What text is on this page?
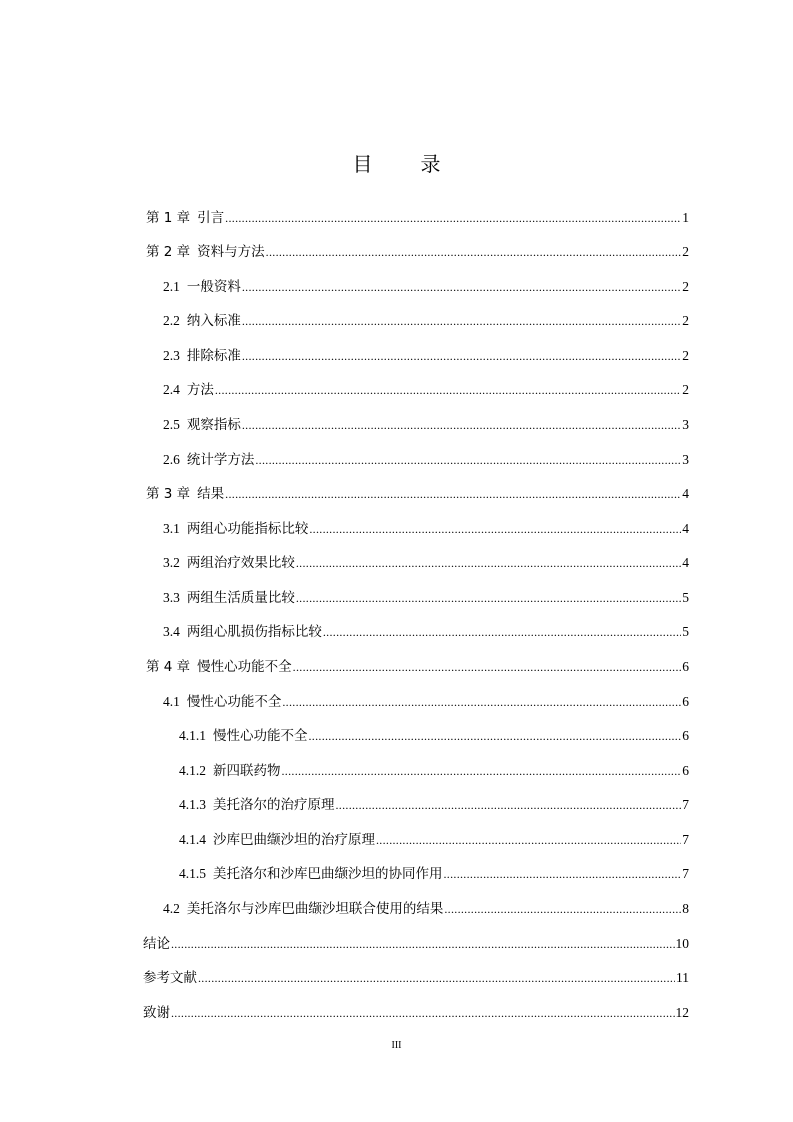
目　录
第 1 章 引言 .....	1
第 2 章 资料与方法 .....	2
2.1 一般资料 .....	2
2.2 纳入标准 .....	2
2.3 排除标准 .....	2
2.4 方法 .....	2
2.5 观察指标 .....	3
2.6 统计学方法 .....	3
第 3 章 结果 .....	4
3.1 两组心功能指标比较 .....	4
3.2 两组治疗效果比较 .....	4
3.3 两组生活质量比较 .....	5
3.4 两组心肌损伤指标比较 .....	5
第 4 章 慢性心功能不全 .....	6
4.1 慢性心功能不全 .....	6
4.1.1 慢性心功能不全 .....	6
4.1.2 新四联药物 .....	6
4.1.3 美托洛尔的治疗原理 .....	7
4.1.4 沙库巴曲缬沙坦的治疗原理 .....	7
4.1.5 美托洛尔和沙库巴曲缬沙坦的协同作用 .....	7
4.2 美托洛尔与沙库巴曲缬沙坦联合使用的结果 .....	8
结论 .....	10
参考文献 .....	11
致谢 .....	12
III
